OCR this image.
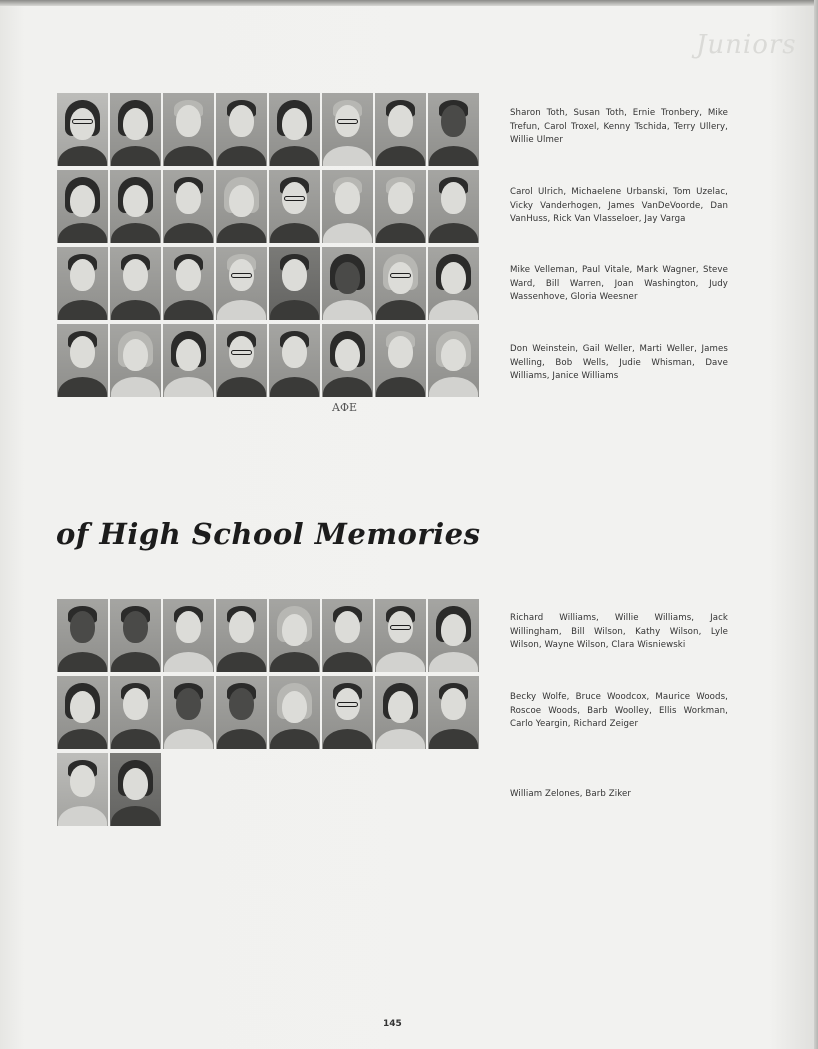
Juniors
Sharon Toth, Susan Toth, Ernie Tronbery, Mike Trefun, Carol Troxel, Kenny Tschida, Terry Ullery, Willie Ulmer
Carol Ulrich, Michaelene Urbanski, Tom Uzelac, Vicky Vanderhogen, James VanDeVoorde, Dan VanHuss, Rick Van Vlasseloer, Jay Varga
Mike Velleman, Paul Vitale, Mark Wagner, Steve Ward, Bill Warren, Joan Washington, Judy Wassenhove, Gloria Weesner
Don Weinstein, Gail Weller, Marti Weller, James Welling, Bob Wells, Judie Whisman, Dave Williams, Janice Williams
ΑΦΕ
of High School Memories
Richard Williams, Willie Williams, Jack Willingham, Bill Wilson, Kathy Wilson, Lyle Wilson, Wayne Wilson, Clara Wisniewski
Becky Wolfe, Bruce Woodcox, Maurice Woods, Roscoe Woods, Barb Woolley, Ellis Workman, Carlo Yeargin, Richard Zeiger
William Zelones, Barb Ziker
145
